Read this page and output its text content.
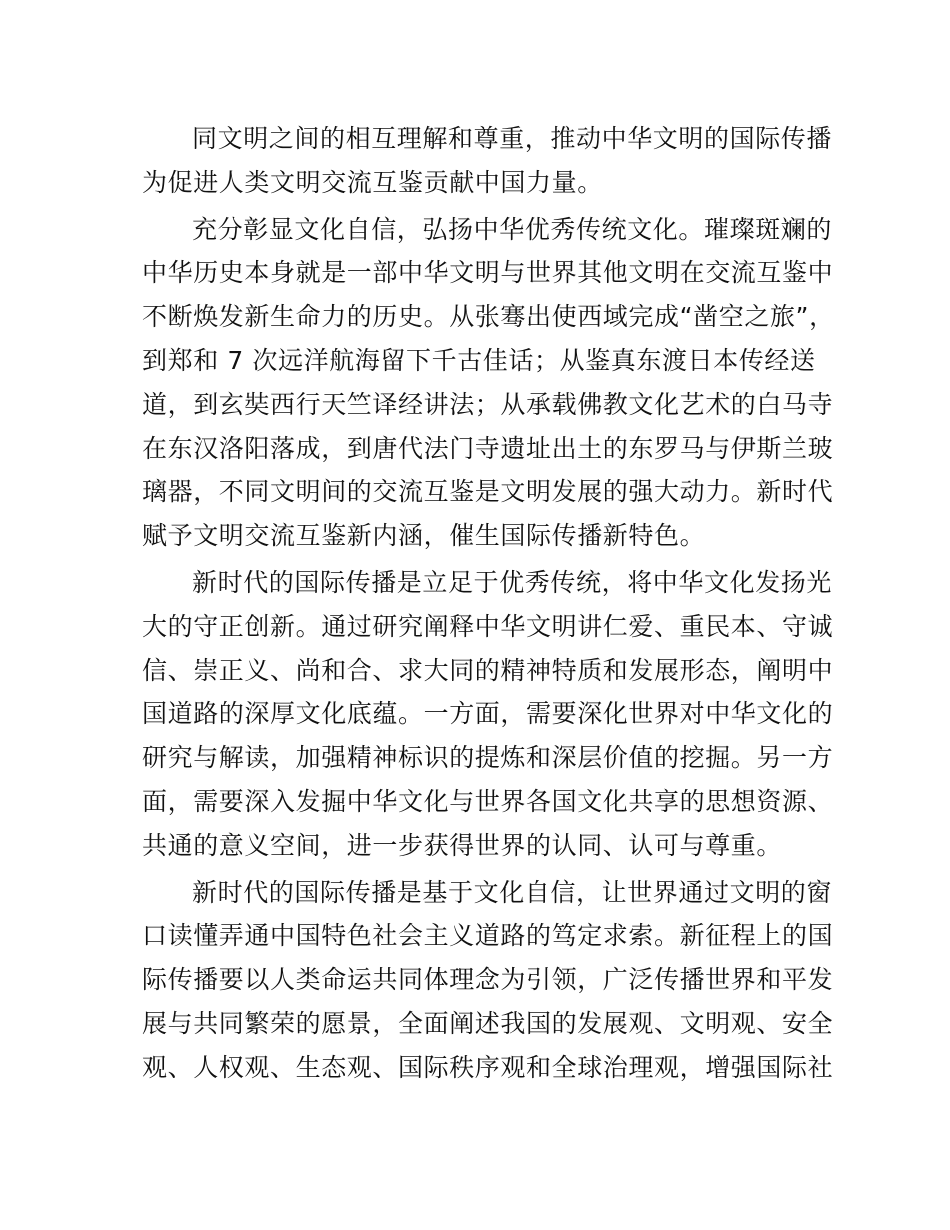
同文明之间的相互理解和尊重，推动中华文明的国际传播
为促进人类文明交流互鉴贡献中国力量。
充分彰显文化自信，弘扬中华优秀传统文化。璀璨斑斓的
中华历史本身就是一部中华文明与世界其他文明在交流互鉴中
不断焕发新生命力的历史。从张骞出使西域完成“凿空之旅”，
到郑和 7 次远洋航海留下千古佳话；从鉴真东渡日本传经送
道，到玄奘西行天竺译经讲法；从承载佛教文化艺术的白马寺
在东汉洛阳落成，到唐代法门寺遗址出土的东罗马与伊斯兰玻
璃器，不同文明间的交流互鉴是文明发展的强大动力。新时代
赋予文明交流互鉴新内涵，催生国际传播新特色。
新时代的国际传播是立足于优秀传统，将中华文化发扬光
大的守正创新。通过研究阐释中华文明讲仁爱、重民本、守诚
信、崇正义、尚和合、求大同的精神特质和发展形态，阐明中
国道路的深厚文化底蕴。一方面，需要深化世界对中华文化的
研究与解读，加强精神标识的提炼和深层价值的挖掘。另一方
面，需要深入发掘中华文化与世界各国文化共享的思想资源、
共通的意义空间，进一步获得世界的认同、认可与尊重。
新时代的国际传播是基于文化自信，让世界通过文明的窗
口读懂弄通中国特色社会主义道路的笃定求索。新征程上的国
际传播要以人类命运共同体理念为引领，广泛传播世界和平发
展与共同繁荣的愿景，全面阐述我国的发展观、文明观、安全
观、人权观、生态观、国际秩序观和全球治理观，增强国际社
